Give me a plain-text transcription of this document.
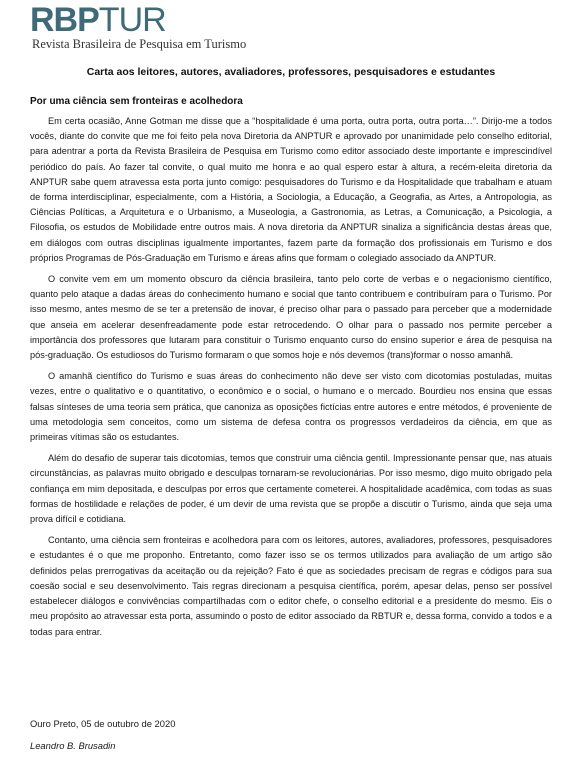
RBPTUR
Revista Brasileira de Pesquisa em Turismo
Carta aos leitores, autores, avaliadores, professores, pesquisadores e estudantes
Por uma ciência sem fronteiras e acolhedora

Em certa ocasião, Anne Gotman me disse que a “hospitalidade é uma porta, outra porta, outra porta…”. Dirijo-me a todos vocês, diante do convite que me foi feito pela nova Diretoria da ANPTUR e aprovado por unanimidade pelo conselho editorial, para adentrar a porta da Revista Brasileira de Pesquisa em Turismo como editor associado deste importante e imprescindível periódico do país. Ao fazer tal convite, o qual muito me honra e ao qual espero estar à altura, a recém-eleita diretoria da ANPTUR sabe quem atravessa esta porta junto comigo: pesquisadores do Turismo e da Hospitalidade que trabalham e atuam de forma interdisciplinar, especialmente, com a História, a Sociologia, a Educação, a Geografia, as Artes, a Antropologia, as Ciências Políticas, a Arquitetura e o Urbanismo, a Museologia, a Gastronomia, as Letras, a Comunicação, a Psicologia, a Filosofia, os estudos de Mobilidade entre outros mais. A nova diretoria da ANPTUR sinaliza a significância destas áreas que, em diálogos com outras disciplinas igualmente importantes, fazem parte da formação dos profissionais em Turismo e dos próprios Programas de Pós-Graduação em Turismo e áreas afins que formam o colegiado associado da ANPTUR.

O convite vem em um momento obscuro da ciência brasileira, tanto pelo corte de verbas e o negacionismo científico, quanto pelo ataque a dadas áreas do conhecimento humano e social que tanto contribuem e contribuíram para o Turismo. Por isso mesmo, antes mesmo de se ter a pretensão de inovar, é preciso olhar para o passado para perceber que a modernidade que anseia em acelerar desenfreadamente pode estar retrocedendo. O olhar para o passado nos permite perceber a importância dos professores que lutaram para constituir o Turismo enquanto curso do ensino superior e área de pesquisa na pós-graduação. Os estudiosos do Turismo formaram o que somos hoje e nós devemos (trans)formar o nosso amanhã.

O amanhã científico do Turismo e suas áreas do conhecimento não deve ser visto com dicotomias postuladas, muitas vezes, entre o qualitativo e o quantitativo, o econômico e o social, o humano e o mercado. Bourdieu nos ensina que essas falsas sínteses de uma teoria sem prática, que canoniza as oposições fictícias entre autores e entre métodos, é proveniente de uma metodologia sem conceitos, como um sistema de defesa contra os progressos verdadeiros da ciência, em que as primeiras vítimas são os estudantes.

Além do desafio de superar tais dicotomias, temos que construir uma ciência gentil. Impressionante pensar que, nas atuais circunstâncias, as palavras muito obrigado e desculpas tornaram-se revolucionárias. Por isso mesmo, digo muito obrigado pela confiança em mim depositada, e desculpas por erros que certamente cometerei. A hospitalidade acadêmica, com todas as suas formas de hostilidade e relações de poder, é um devir de uma revista que se propõe a discutir o Turismo, ainda que seja uma prova difícil e cotidiana.

Contanto, uma ciência sem fronteiras e acolhedora para com os leitores, autores, avaliadores, professores, pesquisadores e estudantes é o que me proponho. Entretanto, como fazer isso se os termos utilizados para avaliação de um artigo são definidos pelas prerrogativas da aceitação ou da rejeição? Fato é que as sociedades precisam de regras e códigos para sua coesão social e seu desenvolvimento. Tais regras direcionam a pesquisa científica, porém, apesar delas, penso ser possível estabelecer diálogos e convivências compartilhadas com o editor chefe, o conselho editorial e a presidente do mesmo. Eis o meu propósito ao atravessar esta porta, assumindo o posto de editor associado da RBTUR e, dessa forma, convido a todos e a todas para entrar.

Ouro Preto, 05 de outubro de 2020
Leandro B. Brusadin
